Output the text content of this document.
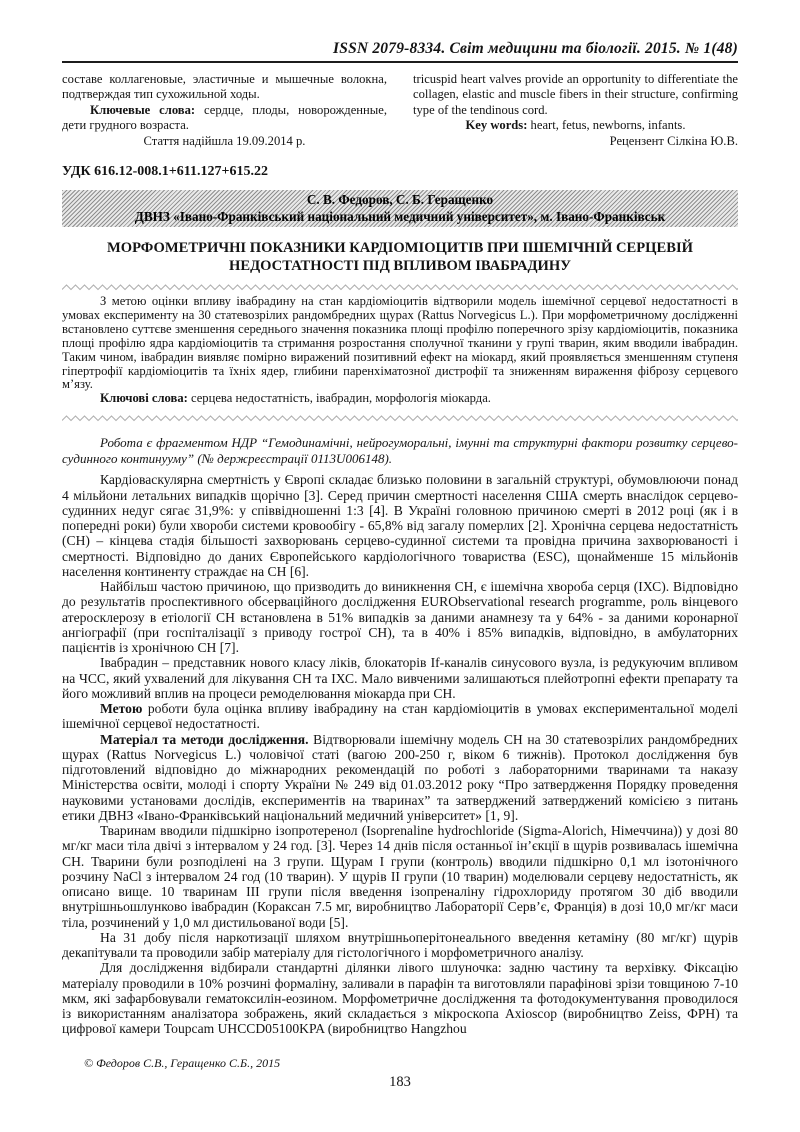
ISSN 2079-8334. Світ медицини та біології. 2015. № 1(48)

составе коллагеновые, эластичные и мышечные волокна, подтверждая тип сухожильной ходы.

Ключевые слова: сердце, плоды, новорожденные, дети грудного возраста.

Стаття надійшла 19.09.2014 р.

tricuspid heart valves provide an opportunity to differentiate the collagen, elastic and muscle fibers in their structure, confirming type of the tendinous cord.

Key words: heart, fetus, newborns, infants.

Рецензент Сілкіна Ю.В.

УДК 616.12-008.1+611.127+615.22
С. В. Федоров, С. Б. Геращенко
ДВНЗ «Івано-Франківський національний медичний університет», м. Івано-Франківськ
МОРФОМЕТРИЧНІ ПОКАЗНИКИ КАРДІОМІОЦИТІВ ПРИ ІШЕМІЧНІЙ СЕРЦЕВІЙ НЕДОСТАТНОСТІ ПІД ВПЛИВОМ ІВАБРАДИНУ

З метою оцінки впливу івабрадину на стан кардіоміоцитів відтворили модель ішемічної серцевої недостатності в умовах експерименту на 30 статевозрілих рандомбредних щурах (Rattus Norvegicus L.). При морфометричному дослідженні встановлено суттєве зменшення середнього значення показника площі профілю поперечного зрізу кардіоміоцитів, показника площі профілю ядра кардіоміоцитів та стримання розростання сполучної тканини у групі тварин, яким вводили івабрадин. Таким чином, івабрадин виявляє помірно виражений позитивний ефект на міокард, який проявляється зменшенням ступеня гіпертрофії кардіоміоцитів та їхніх ядер, глибини паренхіматозної дистрофії та зниженням вираження фіброзу серцевого м’язу.

Ключові слова: серцева недостатність, івабрадин, морфологія міокарда.

Робота є фрагментом НДР “Гемодинамічні, нейрогуморальні, імунні та структурні фактори розвитку серцево-судинного континууму” (№ держреєстрації 0113U006148).

Кардіоваскулярна смертність у Європі складає близько половини в загальній структурі, обумовлюючи понад 4 мільйони летальних випадків щорічно [3]. Серед причин смертності населення США смерть внаслідок серцево-судинних недуг сягає 31,9%: у співвідношенні 1:3 [4]. В Україні головною причиною смерті в 2012 році (як і в попередні роки) були хвороби системи кровообігу - 65,8% від загалу померлих [2]. Хронічна серцева недостатність (СН) – кінцева стадія більшості захворювань серцево-судинної системи та провідна причина захворюваності і смертності. Відповідно до даних Європейського кардіологічного товариства (ESC), щонайменше 15 мільйонів населення континенту страждає на СН [6].

Найбільш частою причиною, що призводить до виникнення СН, є ішемічна хвороба серця (ІХС). Відповідно до результатів проспективного обсерваційного дослідження EURObservational research programme, роль вінцевого атеросклерозу в етіології СН встановлена в 51% випадків за даними анамнезу та у 64% - за даними коронарної ангіографії (при госпіталізації з приводу гострої СН), та в 40% і 85% випадків, відповідно, в амбулаторних пацієнтів із хронічною СН [7].

Івабрадин – представник нового класу ліків, блокаторів If-каналів синусового вузла, із редукуючим впливом на ЧСС, який ухвалений для лікування СН та ІХС. Мало вивченими залишаються плейотропні ефекти препарату та його можливий вплив на процеси ремоделювання міокарда при СН.

Метою роботи була оцінка впливу івабрадину на стан кардіоміоцитів в умовах експериментальної моделі ішемічної серцевої недостатності.

Матеріал та методи дослідження. Відтворювали ішемічну модель СН на 30 статевозрілих рандомбредних щурах (Rattus Norvegicus L.) чоловічої статі (вагою 200-250 г, віком 6 тижнів). Протокол дослідження був підготовлений відповідно до міжнародних рекомендацій по роботі з лабораторними тваринами та наказу Міністерства освіти, молоді і спорту України № 249 від 01.03.2012 року “Про затвердження Порядку проведення науковими установами дослідів, експериментів на тваринах” та затверджений затверджений комісією з питань етики ДВНЗ «Івано-Франківський національний медичний університет» [1, 9].

Тваринам вводили підшкірно ізопротеренол (Isoprenaline hydrochloride (Sigma-Alorich, Німеччина)) у дозі 80 мг/кг маси тіла двічі з інтервалом у 24 год. [3]. Через 14 днів після останньої ін’єкції в щурів розвивалась ішемічна СН. Тварини були розподілені на 3 групи. Щурам I групи (контроль) вводили підшкірно 0,1 мл ізотонічного розчину NaCl з інтервалом 24 год (10 тварин). У щурів II групи (10 тварин) моделювали серцеву недостатність, як описано вище. 10 тваринам III групи після введення ізопреналіну гідрохлориду протягом 30 діб вводили внутрішньошлунково івабрадин (Кораксан 7.5 мг, виробництво Лабораторії Серв’є, Франція) в дозі 10,0 мг/кг маси тіла, розчинений у 1,0 мл дистильованої води [5].

На 31 добу після наркотизації шляхом внутрішньоперітонеального введення кетаміну (80 мг/кг) щурів декапітували та проводили забір матеріалу для гістологічного і морфометричного аналізу.

Для дослідження відбирали стандартні ділянки лівого шлуночка: задню частину та верхівку. Фіксацію матеріалу проводили в 10% розчині формаліну, заливали в парафін та виготовляли парафінові зрізи товщиною 7-10 мкм, які зафарбовували гематоксилін-еозином. Морфометричне дослідження та фотодокументування проводилося із використанням аналізатора зображень, який складається з мікроскопа Axioscop (виробництво Zeiss, ФРН) та цифрової камери Toupcam UHCCD05100KPA (виробництво Hangzhou

© Федоров С.В., Геращенко С.Б., 2015

183
